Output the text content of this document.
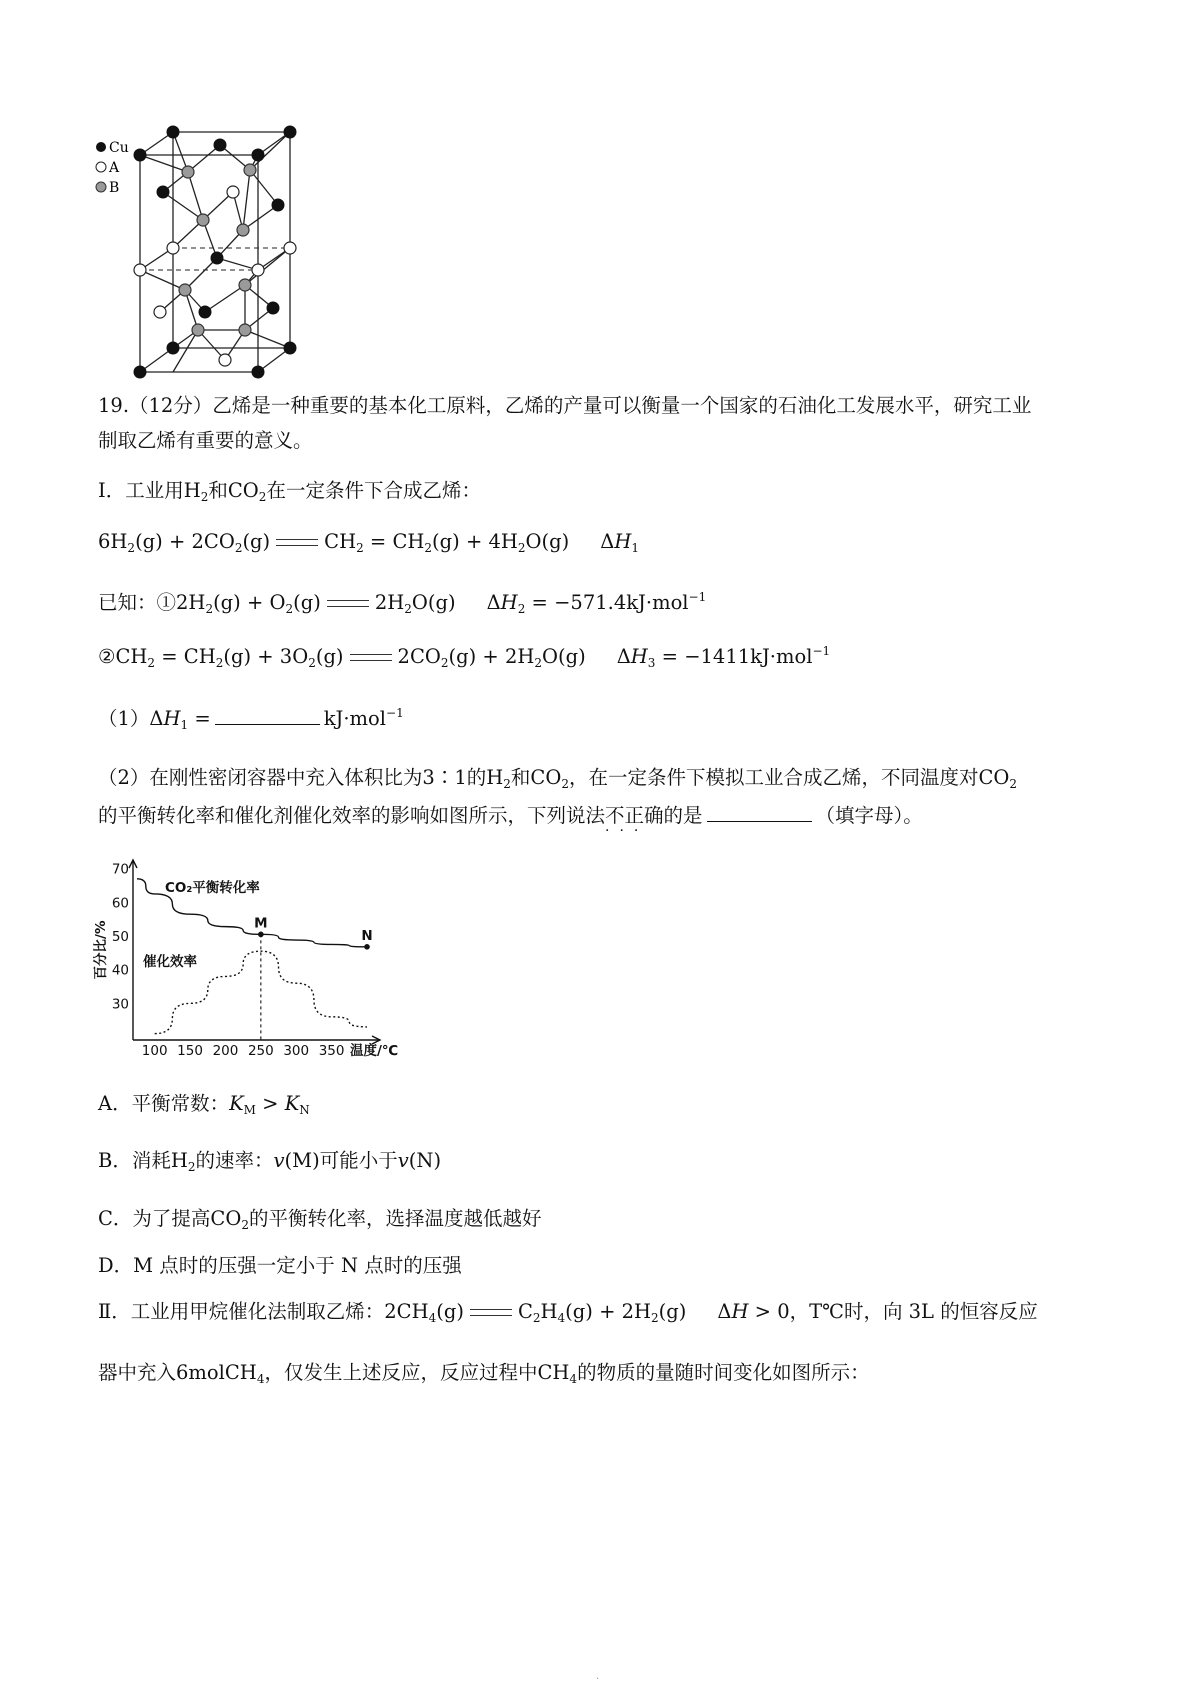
Cu
A
B
19.（12分）乙烯是一种重要的基本化工原料，乙烯的产量可以衡量一个国家的石油化工发展水平，研究工业
制取乙烯有重要的意义。
Ⅰ．工业用$H_2$和$CO_2$在一定条件下合成乙烯：
$6H_2(g) + 2CO_2(g)$	$CH_2 = CH_2(g) + 4H_2O(g)$     $\Delta H_1$
已知：$①2H_2(g) + O_2(g)$	$2H_2O(g)$     $\Delta H_2 = -571.4kJ\cdot mol^{-1}$
$②CH_2 = CH_2(g) + 3O_2(g)$	$2CO_2(g) + 2H_2O(g)$     $\Delta H_3 = -1411kJ\cdot mol^{-1}$
$(1)\Delta H_1$ =	kJ·mol$^{-1}$
（2）在刚性密闭容器中充入体积比为3∶1的$H_2$和$CO_2$，在一定条件下模拟工业合成乙烯，不同温度对$CO_2$
的平衡转化率和催化剂催化效率的影响如图所示，下列说法不正确 ···的是	（填字母）。
100 150 200 250 300 350
30
40
50
60
70
M
N
温度/℃
百分比/%
CO₂平衡转化率
催化效率
A．平衡常数：$K_M > K_N$
B．消耗$H_2$的速率：v(M)可能小于v(N)
C．为了提高$CO_2$的平衡转化率，选择温度越低越好
D．M 点时的压强一定小于 N 点时的压强
Ⅱ．工业用甲烷催化法制取乙烯：$2CH_4(g)$	$C_2H_4(g) + 2H_2(g)$     ΔH > 0，T℃时，向 3L 的恒容反应
器中充入6molCH$_4$，仅发生上述反应，反应过程中$CH_4$的物质的量随时间变化如图所示：
·
